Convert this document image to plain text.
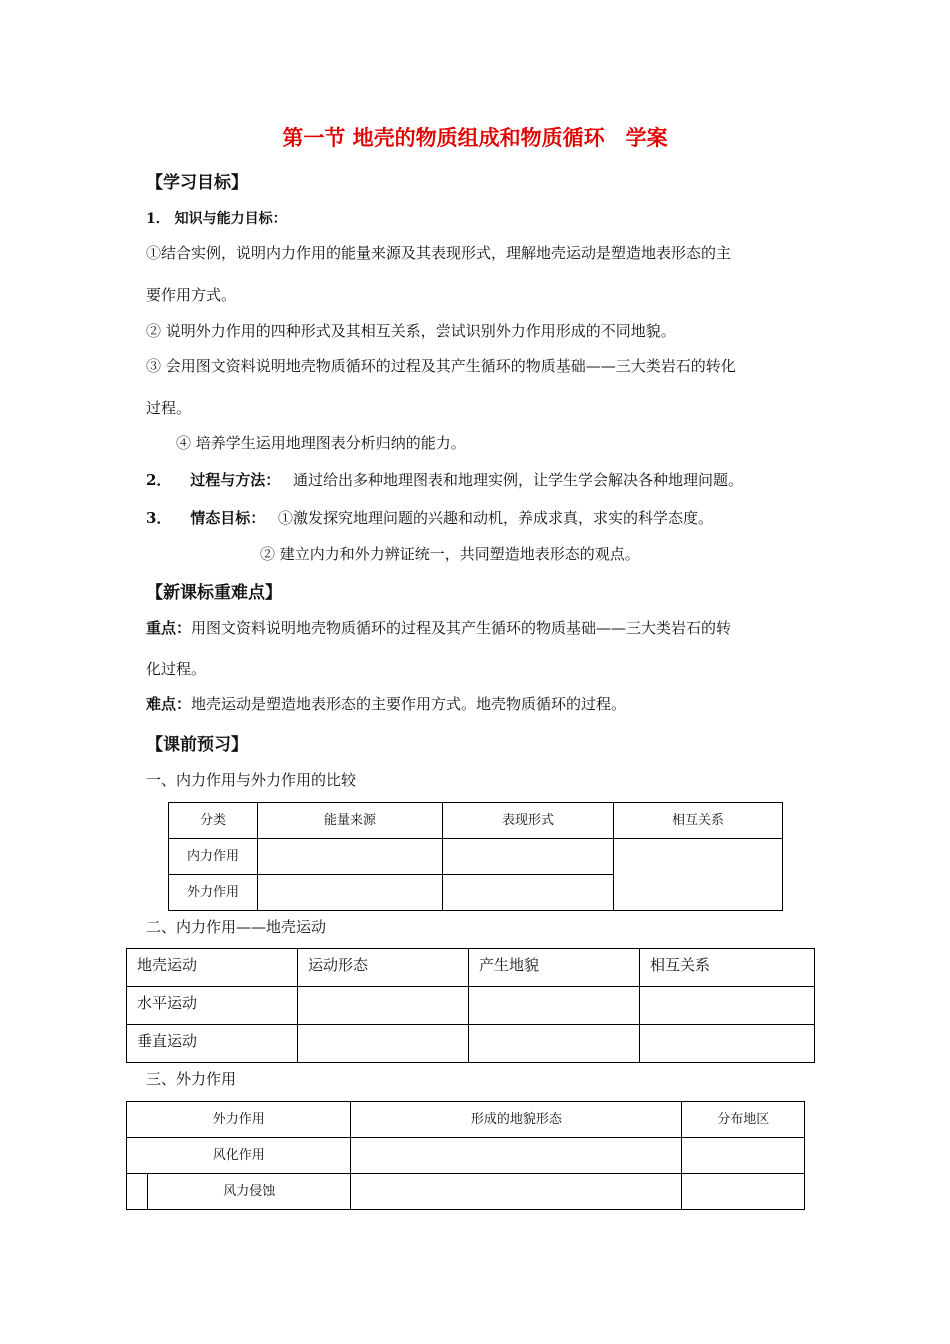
第一节 地壳的物质组成和物质循环　学案
【学习目标】
1． 知识与能力目标：
①结合实例，说明内力作用的能量来源及其表现形式，理解地壳运动是塑造地表形态的主
要作用方式。
② 说明外力作用的四种形式及其相互关系，尝试识别外力作用形成的不同地貌。
③ 会用图文资料说明地壳物质循环的过程及其产生循环的物质基础——三大类岩石的转化
过程。
④ 培养学生运用地理图表分析归纳的能力。
2． 过程与方法： 通过给出多种地理图表和地理实例，让学生学会解决各种地理问题。
3． 情态目标： ①激发探究地理问题的兴趣和动机，养成求真，求实的科学态度。
② 建立内力和外力辨证统一，共同塑造地表形态的观点。
【新课标重难点】
重点：用图文资料说明地壳物质循环的过程及其产生循环的物质基础——三大类岩石的转
化过程。
难点：地壳运动是塑造地表形态的主要作用方式。地壳物质循环的过程。
【课前预习】
一、内力作用与外力作用的比较
分类	能量来源	表现形式	相互关系
内力作用			
外力作用			
二、内力作用——地壳运动
地壳运动	运动形态	产生地貌	相互关系
水平运动			
垂直运动			
三、外力作用
外力作用		形成的地貌形态	分布地区
风化作用			
	风力侵蚀		
